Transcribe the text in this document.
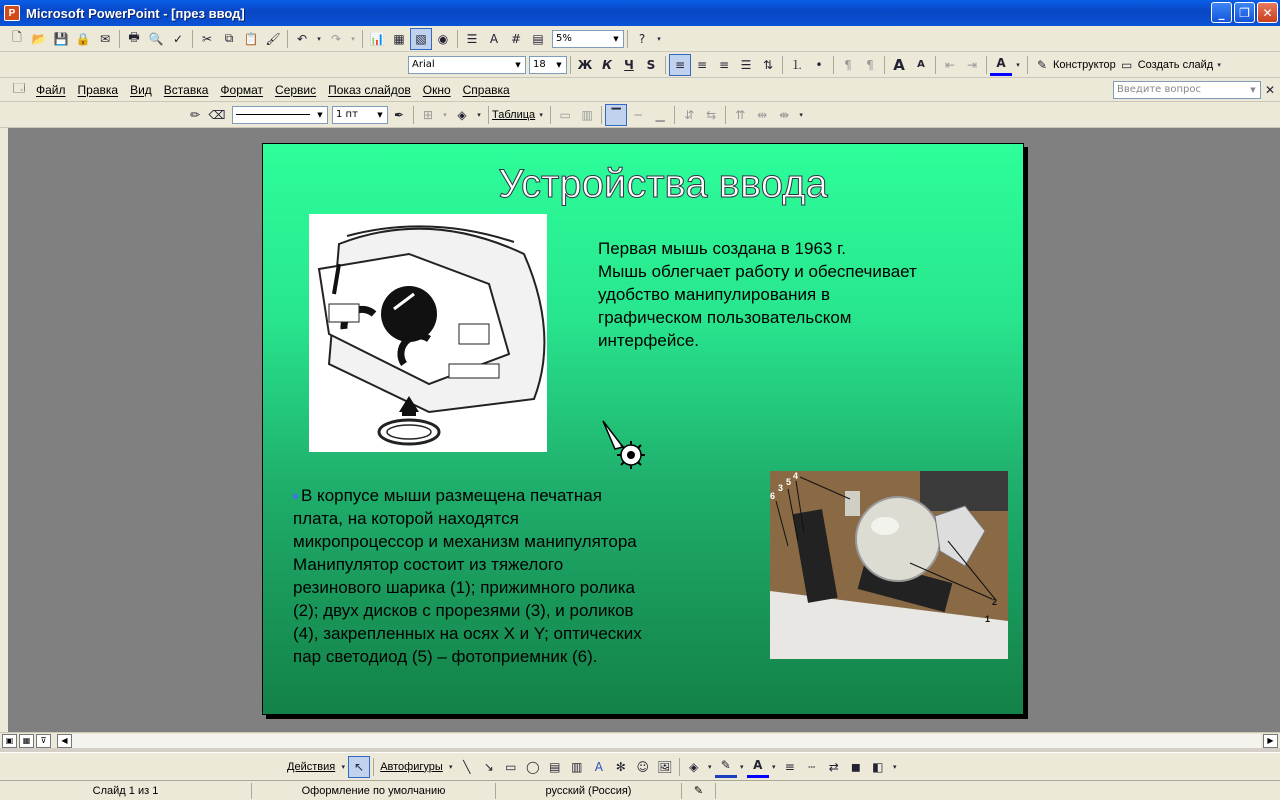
P Microsoft PowerPoint - [през ввод]	_	❐	✕
🗋 📂 💾 🔒 ✉	🖶 🔍 ✓	✂	⧉ 📋 🖌	↶	▾ ↷	▾	📊 ▦ ▧ ◉	☰	A	# ▤	5%	▼	?	▾
Arial	▼	18	▼	Ж К	Ч	S	≡ ≡ ≡ ☰ ⇅	⒈	•	¶	¶	A	A	⇤ ⇥	A	▾	✎ Конструктор ▭ Создать слайд ▾
🗔 Файл	Правка	Вид	Вставка	Формат	Сервис	Показ слайдов	Окно	Справка	Введите вопрос	▼ ✕
✏ ⌫	▼	1 пт	▼ ✒	⊞	▾ ◈	▾	Таблица ▾	▭ ▥	▔	─	▁	⇵ ⇆	⇈ ⇹ ⇼	▾
Устройства ввода
Первая мышь создана в 1963 г.
Мышь облегчает работу и обеспечивает
удобство манипулирования в
графическом пользовательском
интерфейсе.
В корпусе мыши размещена печатная
плата, на которой находятся
микропроцессор и механизм манипулятора
Манипулятор состоит из тяжелого
резинового шарика (1); прижимного ролика
(2); двух дисков с прорезями (3), и роликов
(4), закрепленных на осях X и Y; оптических
пар светодиод (5) – фотоприемник (6).
6
3
5
4
2
1
▣	▦	⊽	◀	▶
Действия ▾ ↖	Автофигуры ▾ ╲	↘ ▭ ◯ ▤ ▥	A	✻ ☺ 🖼	◈	▾ ✎	▾ A	▾ ≡	┄	⇄ ◼ ◧	▾
Слайд 1 из 1	Оформление по умолчанию	русский (Россия)	✎
